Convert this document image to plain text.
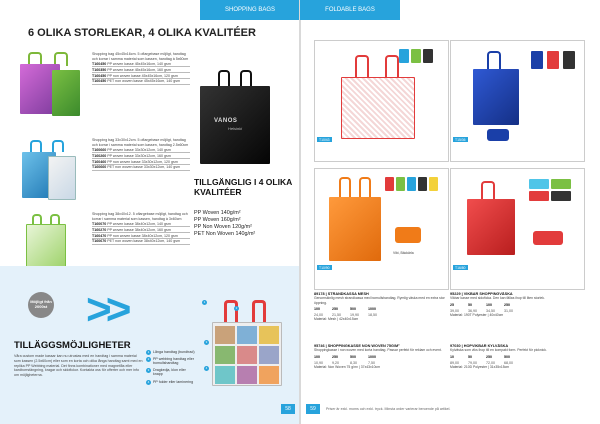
SHOPPING BAGS
6 OLIKA STORLEKAR, 4 OLIKA KVALITÉER
Shopping bag 45x45x16cm. 5 oflargebase möjligt, handtag och korrar i samma material som kassen, handtag à 5x60cm
T160450 PP woven kasse 45x45x16cm, 140 gsm
T160350 PP woven kasse 45x45x16cm, 160 gsm
T160450 PP non woven kasse 45x45x16cm, 120 gsm
T160450 PET non woven kasse 45x45x16cm, 140 gsm
Shopping bag 33x30x12cm. 5 oflargebase möjligt, handtag och korrar i samma material som kassen, handtag 2.5x60cm
T160660 PP woven kasse 33x30x12cm, 140 gsm
T160260 PP woven kasse 33x30x12cm, 160 gsm
T160460 PP non woven kasse 33x30x12cm, 120 gsm
T160660 PET non woven kasse 33x30x12cm, 140 gsm
Shopping bag 38x40x12. 5 oflargebase möjligt, handtag och korrar i samma material som kassen, handtag à 3x60cm
T160070 PP woven kasse 38x40x12cm, 140 gsm
T160270 PP woven kasse 38x40x12cm, 160 gsm
T160470 PP non woven kasse 38x40x12cm, 120 gsm
T160670 PET non woven kasse 38x40x12cm, 140 gsm
VANOS
Helsinki
TILLGÄNGLIG I 4 OLIKA KVALITÉER
PP Woven 140g/m²
PP Woven 160g/m²
PP Non Woven 120g/m²
PET Non Woven 140g/m²
Möjligt från 2000st >>
TILLÄGGSMÖJLIGHETER
Våra custom made kassar kan nu utrustas med en handtag i samma material som kassen (2.5x60cm) eller som en korta och olika långa handtag samt med en replika PP Webbing material. Det finns kombinationer med magnetlås eller kardborrstängning, kragar och sidofickor. Kontakta oss för offerter och mer info om möjligheterna.
1	Långa handtag (bundtrad)
2	PP webbing handtag eller bomullshandtag
3	Dragkedja, klon eller knapp
4	PP folder eller laminering
1
2
3
4
58
FOLDABLE BAGS
T10/43	T15/36
Vikt, Bäckärla
T10/90	T16/80
89178 | STRANDKASSA MESH
Genomskinlig mesh strandkassa med bomullshandtag. Rymlig väska med en extra stor öppning.
100	250	500	1000
24,00	21,50	19,90	18,50
Material: Mesh | 42x40x15cm
95229 | VIKBAR SHOPPINGVÄSKA
Vikbar kasse med sidoficka. Den kan fällas ihop till liten storlek.
25	50	100	250
39,00	36,90	34,50	31,00
Material: 190T Polyester | 40x40cm
95746 | SHOPPINGKASSE NON WOVEN 75G/M²
Shoppingkasse i non woven med korta handtag. Passar perfekt för reklam och event.
100	250	500	1000
10,90	9,20	8,30	7,50
Material: Non Woven 75 g/m² | 37x43x10cm
97030 | HOPVIKBAR KYLVÄSKA
Kylväska som viks ihop till en kompakt form. Perfekt för picknick.
10	50	250	500
89,00	79,00	72,00	68,00
Material: 210D Polyester | 31x35x15cm
59	Priser är exkl. moms och exkl. tryck. Minsta order varierar beroende på artikel.
